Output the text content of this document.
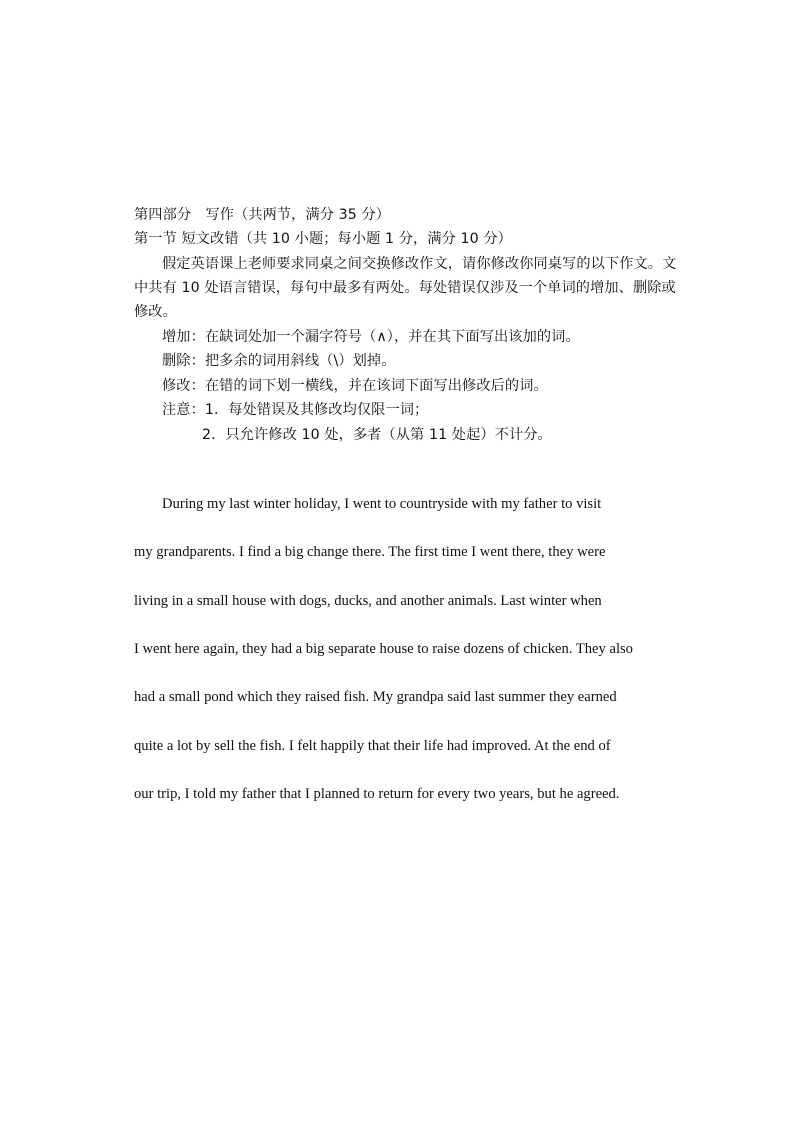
第四部分　写作（共两节，满分 35 分）
第一节 短文改错（共 10 小题；每小题 1 分，满分 10 分）
假定英语课上老师要求同桌之间交换修改作文，请你修改你同桌写的以下作文。文
中共有 10 处语言错误，每句中最多有两处。每处错误仅涉及一个单词的增加、删除或
修改。
增加：在缺词处加一个漏字符号（∧），并在其下面写出该加的词。
删除：把多余的词用斜线（\）划掉。
修改：在错的词下划一横线，并在该词下面写出修改后的词。
注意：1．每处错误及其修改均仅限一词；
2．只允许修改 10 处，多者（从第 11 处起）不计分。
During my last winter holiday, I went to countryside with my father to visit
my grandparents. I find a big change there. The first time I went there, they were
living in a small house with dogs, ducks, and another animals. Last winter when
I went here again, they had a big separate house to raise dozens of chicken. They also
had a small pond which they raised fish. My grandpa said last summer they earned
quite a lot by sell the fish. I felt happily that their life had improved. At the end of
our trip, I told my father that I planned to return for every two years, but he agreed.
